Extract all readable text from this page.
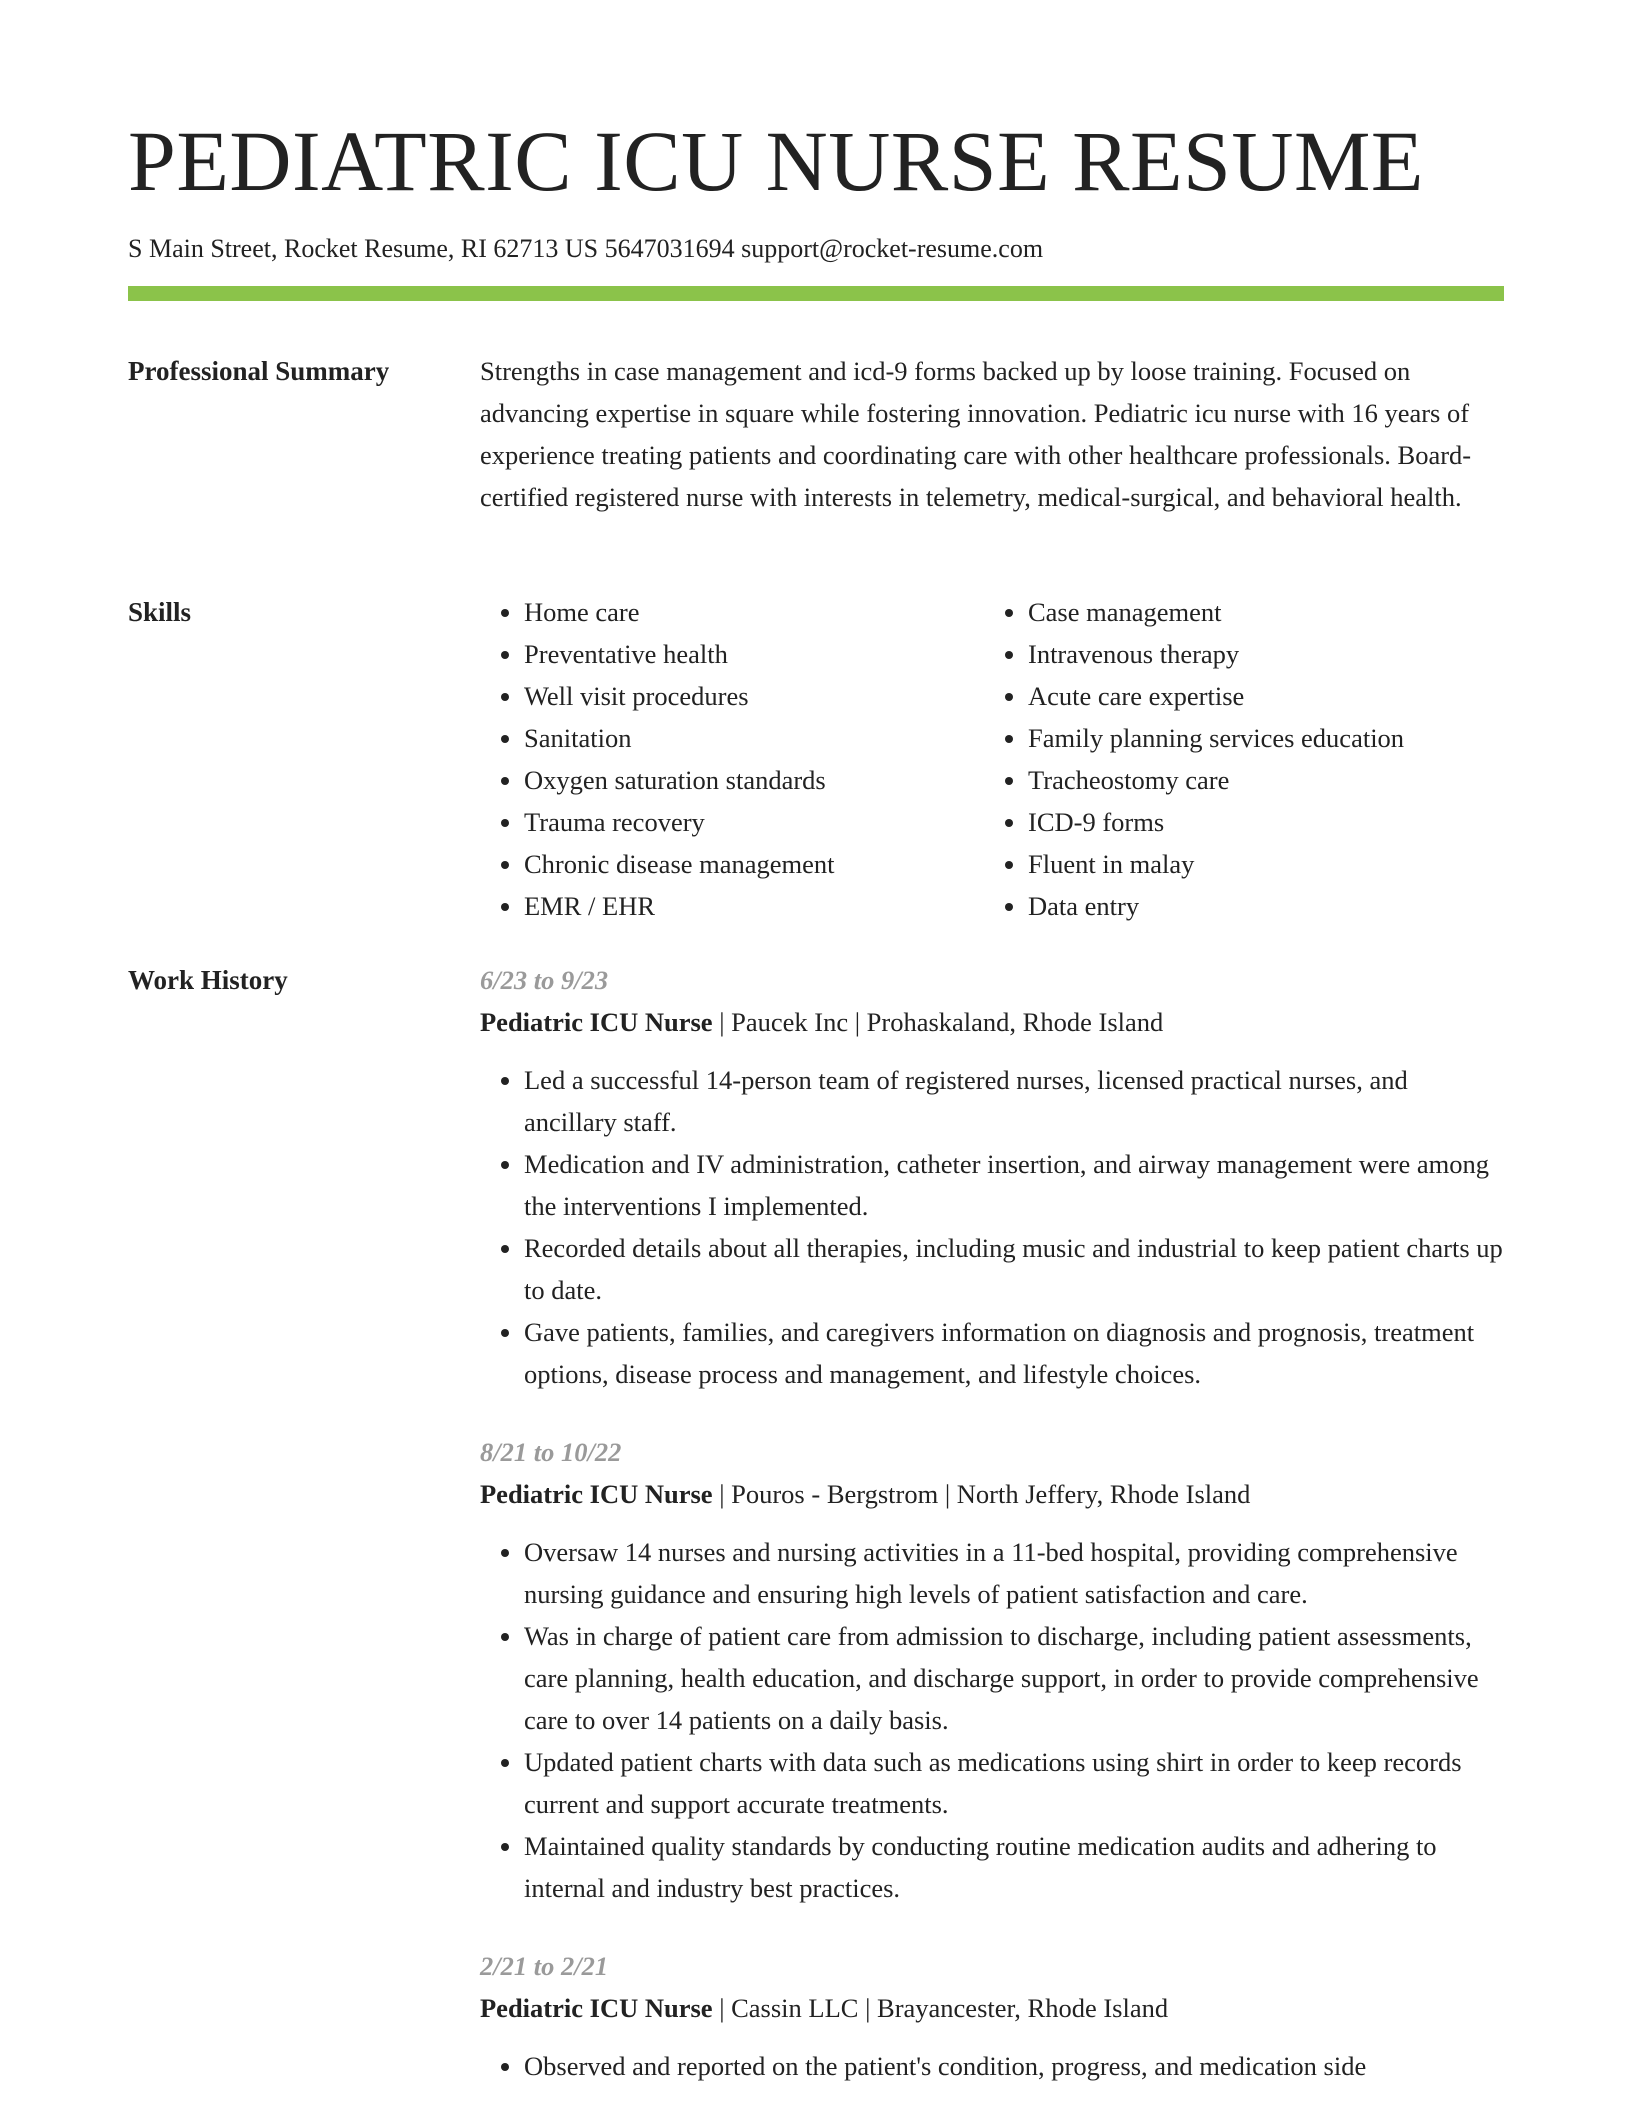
PEDIATRIC ICU NURSE RESUME
S Main Street, Rocket Resume, RI 62713 US 5647031694 support@rocket-resume.com
Professional Summary	Strengths in case management and icd-9 forms backed up by loose training. Focused on advancing expertise in square while fostering innovation. Pediatric icu nurse with 16 years of experience treating patients and coordinating care with other healthcare professionals. Board-certified registered nurse with interests in telemetry, medical-surgical, and behavioral health.

Skills
•	Home care
• Preventative health
• Well visit procedures
• Sanitation
• Oxygen saturation standards
• Trauma recovery
• Chronic disease management
• EMR / EHR
• Case management
• Intravenous therapy
• Acute care expertise
• Family planning services education
• Tracheostomy care
• ICD-9 forms
• Fluent in malay
• Data entry
Work History	6/23 to 9/23
Pediatric ICU Nurse | Paucek Inc | Prohaskaland, Rhode Island
• Led a successful 14-person team of registered nurses, licensed practical nurses, and ancillary staff.
• Medication and IV administration, catheter insertion, and airway management were among the interventions I implemented.
• Recorded details about all therapies, including music and industrial to keep patient charts up to date.
• Gave patients, families, and caregivers information on diagnosis and prognosis, treatment options, disease process and management, and lifestyle choices.
8/21 to 10/22
Pediatric ICU Nurse | Pouros - Bergstrom | North Jeffery, Rhode Island
• Oversaw 14 nurses and nursing activities in a 11-bed hospital, providing comprehensive nursing guidance and ensuring high levels of patient satisfaction and care.
• Was in charge of patient care from admission to discharge, including patient assessments, care planning, health education, and discharge support, in order to provide comprehensive care to over 14 patients on a daily basis.
• Updated patient charts with data such as medications using shirt in order to keep records current and support accurate treatments.
• Maintained quality standards by conducting routine medication audits and adhering to internal and industry best practices.
2/21 to 2/21
Pediatric ICU Nurse | Cassin LLC | Brayancester, Rhode Island
• Observed and reported on the patient's condition, progress, and medication side
